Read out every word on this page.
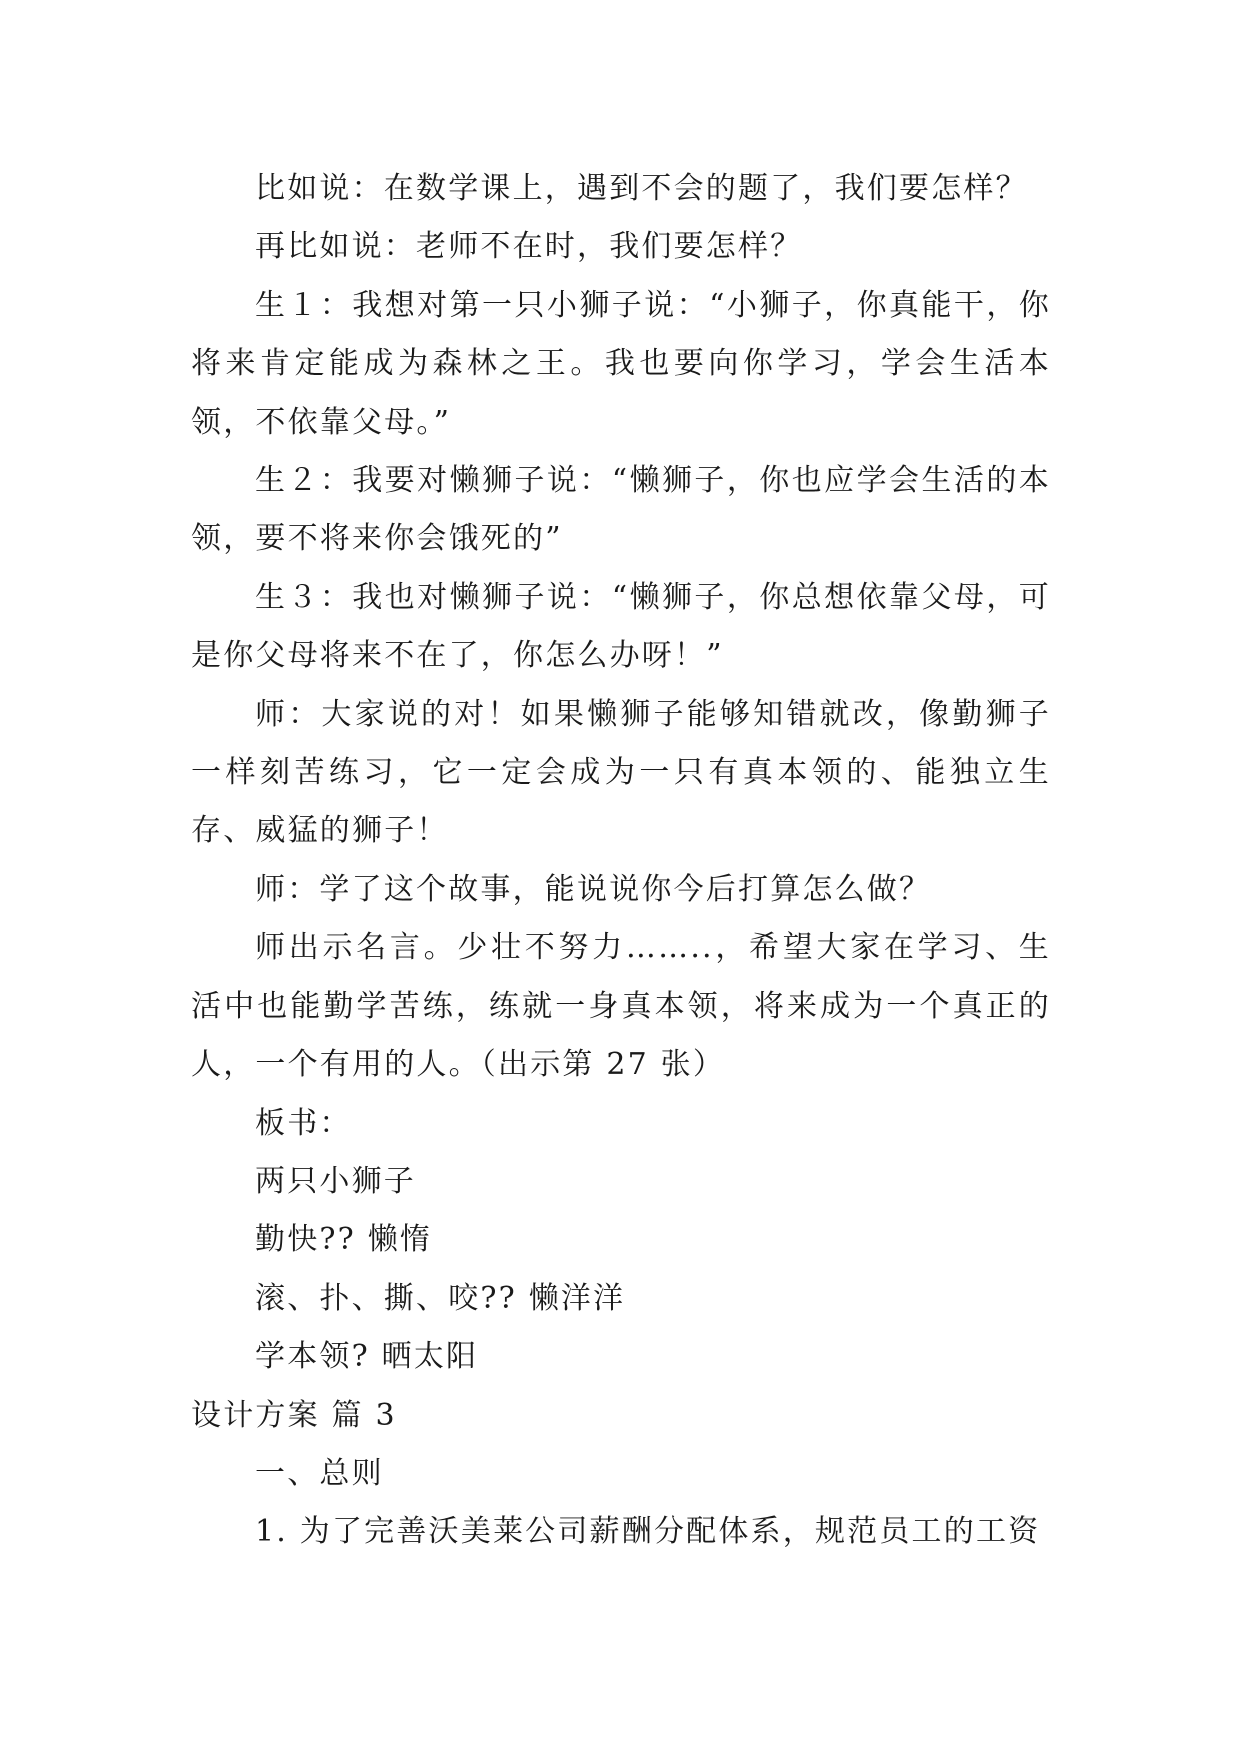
比如说：在数学课上，遇到不会的题了，我们要怎样？

再比如说：老师不在时，我们要怎样？

生１：我想对第一只小狮子说：“小狮子，你真能干，你将来肯定能成为森林之王。我也要向你学习，学会生活本领，不依靠父母。”

生２：我要对懒狮子说：“懒狮子，你也应学会生活的本领，要不将来你会饿死的”

生３：我也对懒狮子说：“懒狮子，你总想依靠父母，可是你父母将来不在了，你怎么办呀！”

师：大家说的对！如果懒狮子能够知错就改，像勤狮子一样刻苦练习，它一定会成为一只有真本领的、能独立生存、威猛的狮子！

师：学了这个故事，能说说你今后打算怎么做？

师出示名言。少壮不努力……..，希望大家在学习、生活中也能勤学苦练，练就一身真本领，将来成为一个真正的人，一个有用的人。（出示第 27 张）

板书：

两只小狮子

勤快?? 懒惰

滚、扑、撕、咬?? 懒洋洋

学本领? 晒太阳

设计方案 篇 3

一、总则

1. 为了完善沃美莱公司薪酬分配体系，规范员工的工资
